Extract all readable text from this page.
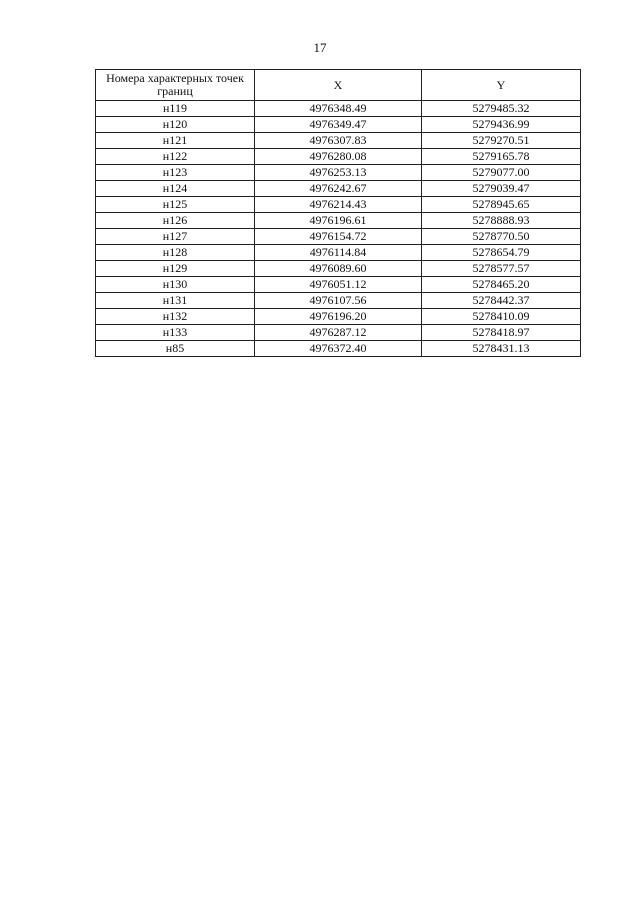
17
Номера характерных точек границ	X	Y
н119	4976348.49	5279485.32
н120	4976349.47	5279436.99
н121	4976307.83	5279270.51
н122	4976280.08	5279165.78
н123	4976253.13	5279077.00
н124	4976242.67	5279039.47
н125	4976214.43	5278945.65
н126	4976196.61	5278888.93
н127	4976154.72	5278770.50
н128	4976114.84	5278654.79
н129	4976089.60	5278577.57
н130	4976051.12	5278465.20
н131	4976107.56	5278442.37
н132	4976196.20	5278410.09
н133	4976287.12	5278418.97
н85	4976372.40	5278431.13
